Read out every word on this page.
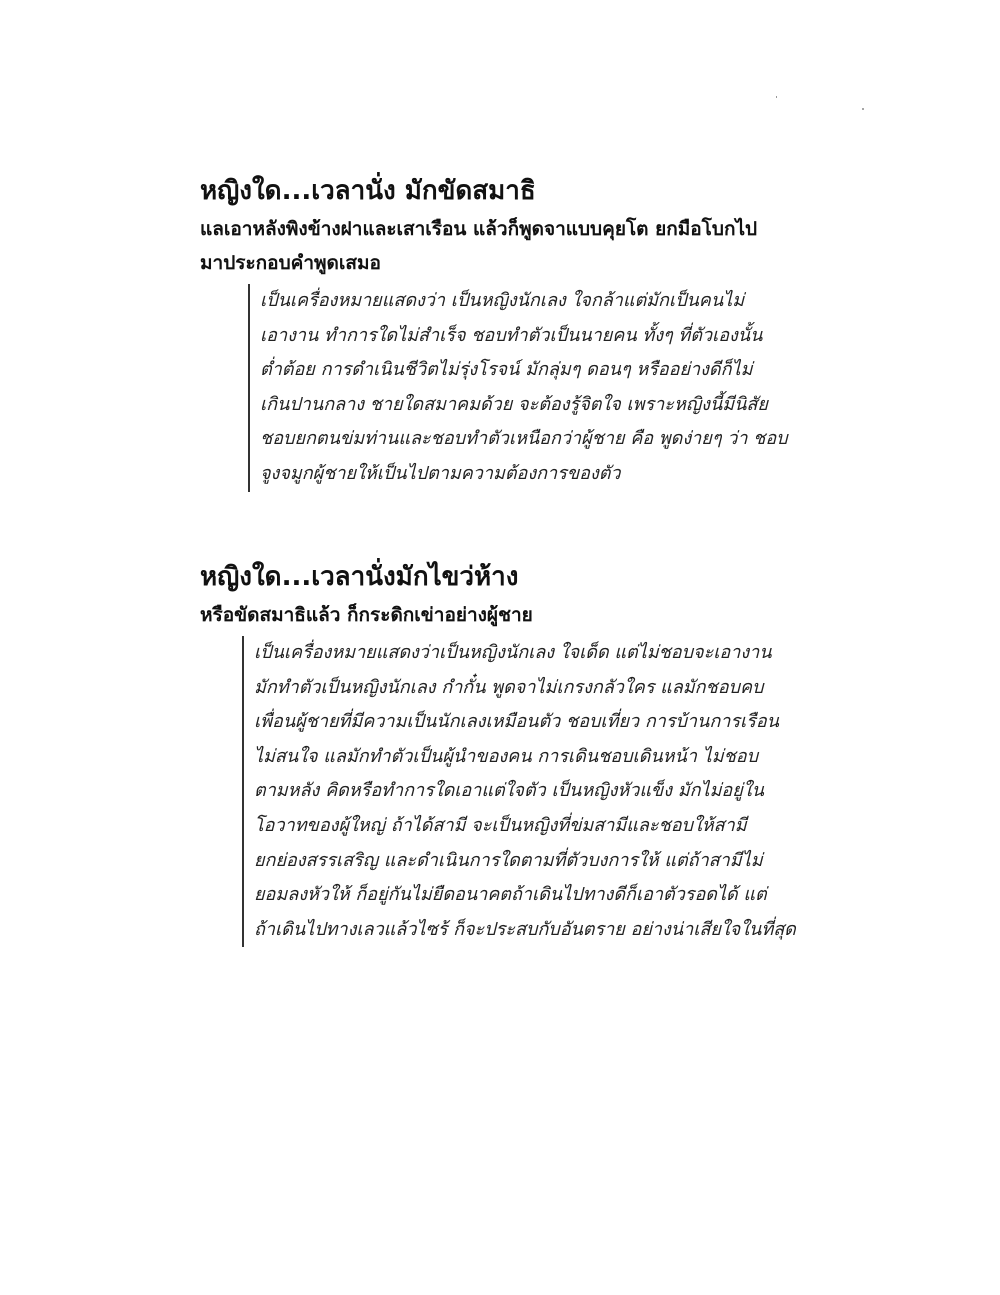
หญิงใด...เวลานั่ง มักขัดสมาธิ

แลเอาหลังพิงข้างฝาและเสาเรือน แล้วก็พูดจาแบบคุยโต ยกมือโบกไป

มาประกอบคำพูดเสมอ

เป็นเครื่องหมายแสดงว่า เป็นหญิงนักเลง ใจกล้าแต่มักเป็นคนไม่
เอางาน ทำการใดไม่สำเร็จ ชอบทำตัวเป็นนายคน ทั้งๆ ที่ตัวเองนั้น
ต่ำต้อย การดำเนินชีวิตไม่รุ่งโรจน์ มักลุ่มๆ ดอนๆ หรืออย่างดีก็ไม่
เกินปานกลาง ชายใดสมาคมด้วย จะต้องรู้จิตใจ เพราะหญิงนี้มีนิสัย
ชอบยกตนข่มท่านและชอบทำตัวเหนือกว่าผู้ชาย คือ พูดง่ายๆ ว่า ชอบ
จูงจมูกผู้ชายให้เป็นไปตามความต้องการของตัว
หญิงใด...เวลานั่งมักไขว่ห้าง

หรือขัดสมาธิแล้ว ก็กระดิกเข่าอย่างผู้ชาย

เป็นเครื่องหมายแสดงว่าเป็นหญิงนักเลง ใจเด็ด แต่ไม่ชอบจะเอางาน
มักทำตัวเป็นหญิงนักเลง กำกั๋น พูดจาไม่เกรงกลัวใคร แลมักชอบคบ
เพื่อนผู้ชายที่มีความเป็นนักเลงเหมือนตัว ชอบเที่ยว การบ้านการเรือน
ไม่สนใจ แลมักทำตัวเป็นผู้นำของคน การเดินชอบเดินหน้า ไม่ชอบ
ตามหลัง คิดหรือทำการใดเอาแต่ใจตัว เป็นหญิงหัวแข็ง มักไม่อยู่ใน
โอวาทของผู้ใหญ่ ถ้าได้สามี จะเป็นหญิงที่ข่มสามีและชอบให้สามี
ยกย่องสรรเสริญ และดำเนินการใดตามที่ตัวบงการให้ แต่ถ้าสามีไม่
ยอมลงหัวให้ ก็อยู่กันไม่ยืดอนาคตถ้าเดินไปทางดีก็เอาตัวรอดได้ แต่
ถ้าเดินไปทางเลวแล้วไซร้ ก็จะประสบกับอันตราย อย่างน่าเสียใจในที่สุด
